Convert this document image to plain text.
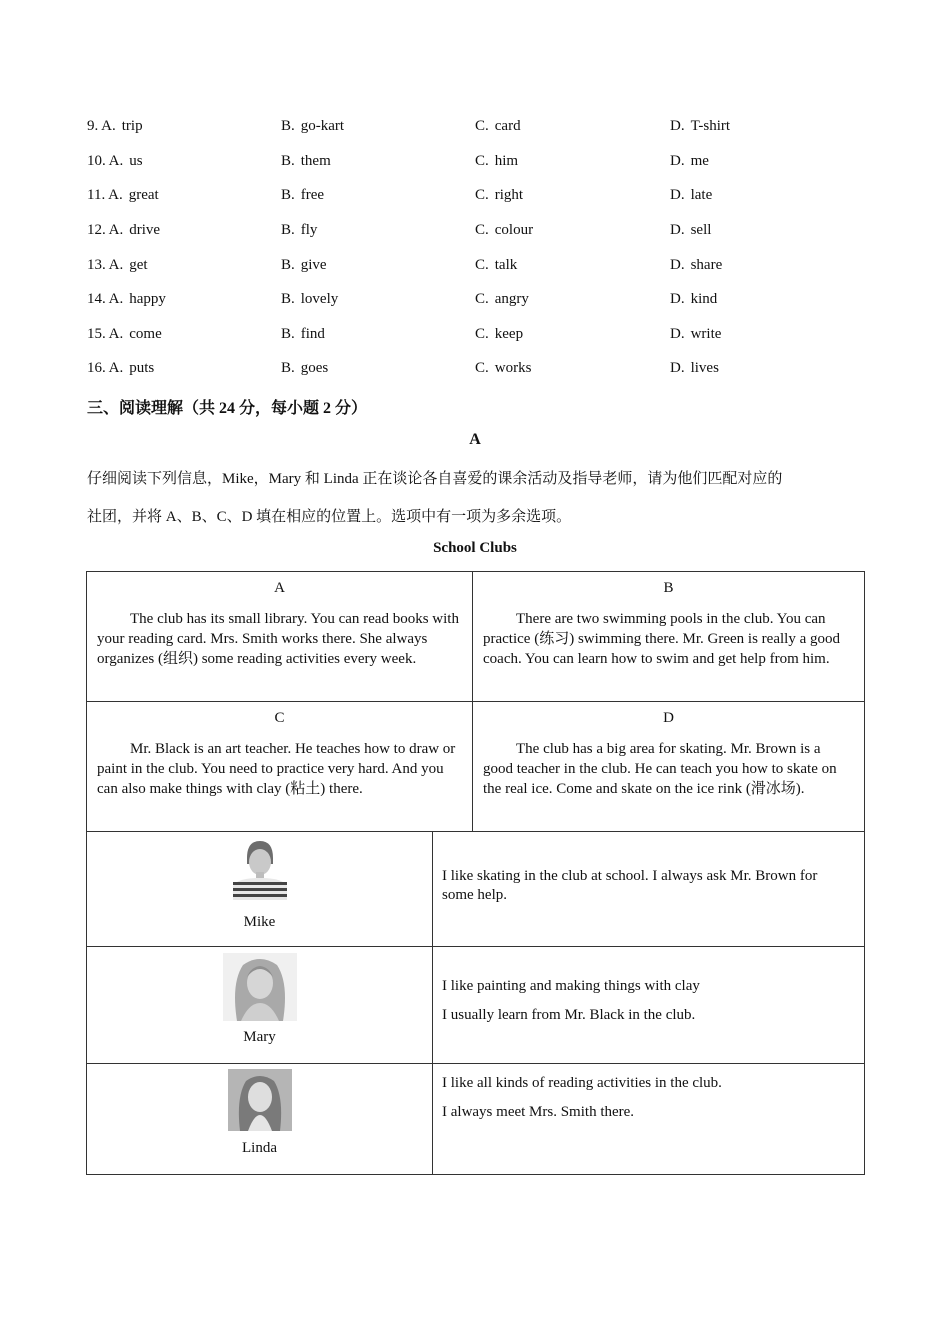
9. A. trip	B. go-kart	C. card	D. T-shirt
10. A. us	B. them	C. him	D. me
11. A. great	B. free	C. right	D. late
12. A. drive	B. fly	C. colour	D. sell
13. A. get	B. give	C. talk	D. share
14. A. happy	B. lovely	C. angry	D. kind
15. A. come	B. find	C. keep	D. write
16. A. puts	B. goes	C. works	D. lives
三、阅读理解（共 24 分，每小题 2 分）
A
仔细阅读下列信息，Mike，Mary 和 Linda 正在谈论各自喜爱的课余活动及指导老师，请为他们匹配对应的
社团，并将 A、B、C、D 填在相应的位置上。选项中有一项为多余选项。
School Clubs
A
The club has its small library. You can read books with your reading card. Mrs. Smith works there. She always organizes (组织) some reading activities every week.
B
There are two swimming pools in the club. You can practice (练习) swimming there. Mr. Green is really a good coach. You can learn how to swim and get help from him.
C
Mr. Black is an art teacher. He teaches how to draw or paint in the club. You need to practice very hard. And you can also make things with clay (粘土) there.
D
The club has a big area for skating. Mr. Brown is a good teacher in the club. He can teach you how to skate on the real ice. Come and skate on the ice rink (滑冰场).
Mike
I like skating in the club at school. I always ask Mr. Brown for some help.
Mary
I like painting and making things with clay
I usually learn from Mr. Black in the club.
Linda
I like all kinds of reading activities in the club.
I always meet Mrs. Smith there.
